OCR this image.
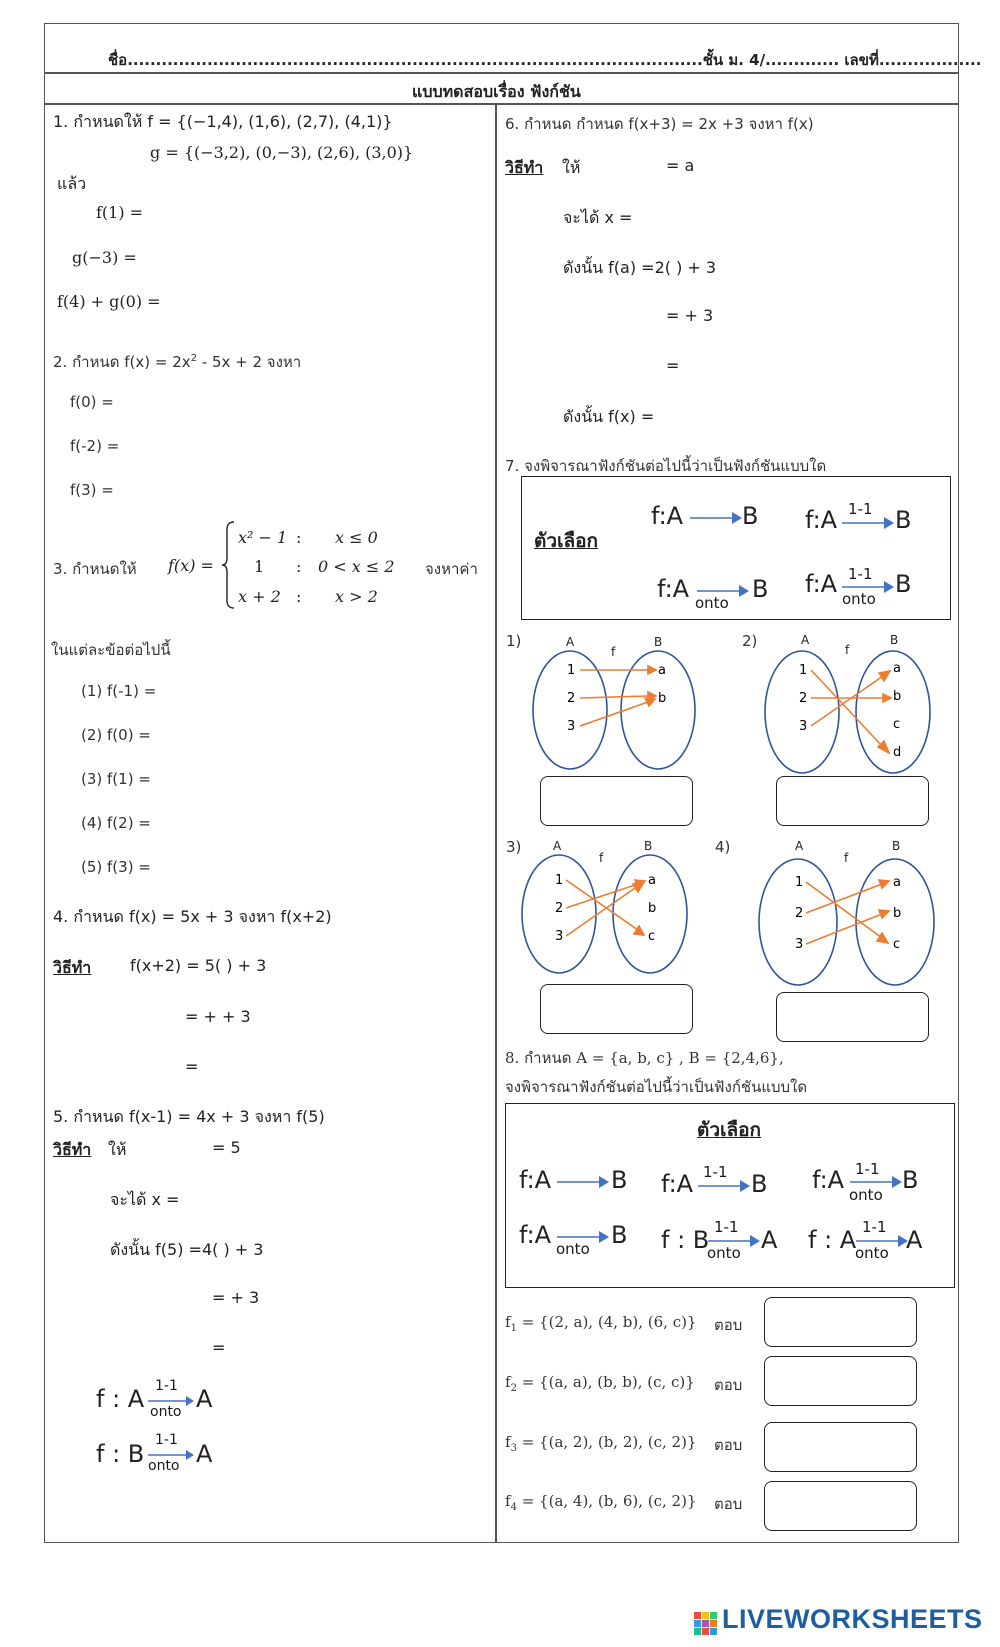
ชื่อ.....................................................................................................ชั้น ม. 4/............. เลขที่..................
แบบทดสอบเรื่อง ฟังก์ชัน
1. กำหนดให้ f = {(−1,4), (1,6), (2,7), (4,1)}
g = {(−3,2), (0,−3), (2,6), (3,0)}
แล้ว
f(1) =
g(−3) =
f(4) + g(0) =
2. กำหนด $f(x) = 2x^2 - 5x + 2$ จงหา
f(0) =
f(-2) =
f(3) =
3. กำหนดให้ f(x) =
x² − 1 : x ≤ 0
1 : 0 < x ≤ 2
x + 2 : x > 2
จงหาค่า
ในแต่ละข้อต่อไปนี้
(1) f(-1) =
(2) f(0) =
(3) f(1) =
(4) f(2) =
(5) f(3) =
4. กำหนด f(x) = 5x + 3 จงหา f(x+2)
วิธีทำ f(x+2) = 5( ) + 3
= + + 3
=
5. กำหนด f(x-1) = 4x + 3 จงหา f(5)
วิธีทำ ให้	= 5
จะได้ x =
ดังนั้น f(5) =4( ) + 3
= + 3
=
f : A 1-1
onto A
f : B 1-1
onto A
6. กำหนด กำหนด f(x+3) = 2x +3 จงหา f(x)
วิธีทำ ให้	= a
จะได้ x =
ดังนั้น f(a) =2( ) + 3
= + 3
=
ดังนั้น f(x) =
7. จงพิจารณาฟังก์ชันต่อไปนี้ว่าเป็นฟังก์ชันแบบใด
ตัวเลือก
f:A B f:A 1-1 B
f:A onto B f:A 1-1
onto
B
1)	A	B
f
1
2
3
a
b
2)	A	B
f
1
2
3
a
b
c
d
3)	A	B
f
1
2
3
a
b
c
4)	A	B
f
1
2
3
a
b
c
8. กำหนด A = {a, b, c} , B = {2,4,6},
จงพิจารณาฟังก์ชันต่อไปนี้ว่าเป็นฟังก์ชันแบบใด
ตัวเลือก
f:A B f:A 1-1 B f:A 1-1
onto
B
f:A onto B f : B 1-1
onto A f : A 1-1
onto A
$f_1 = \{(2$, a), (4, b), (6, c)} ตอบ
$f_2 = \{(a$, a), (b, b), (c, c)} ตอบ
$f_3 = \{(a$, 2), (b, 2), (c, 2)} ตอบ
$f_4 = \{(a$, 4), (b, 6), (c, 2)} ตอบ
LIVEWORKSHEETS
